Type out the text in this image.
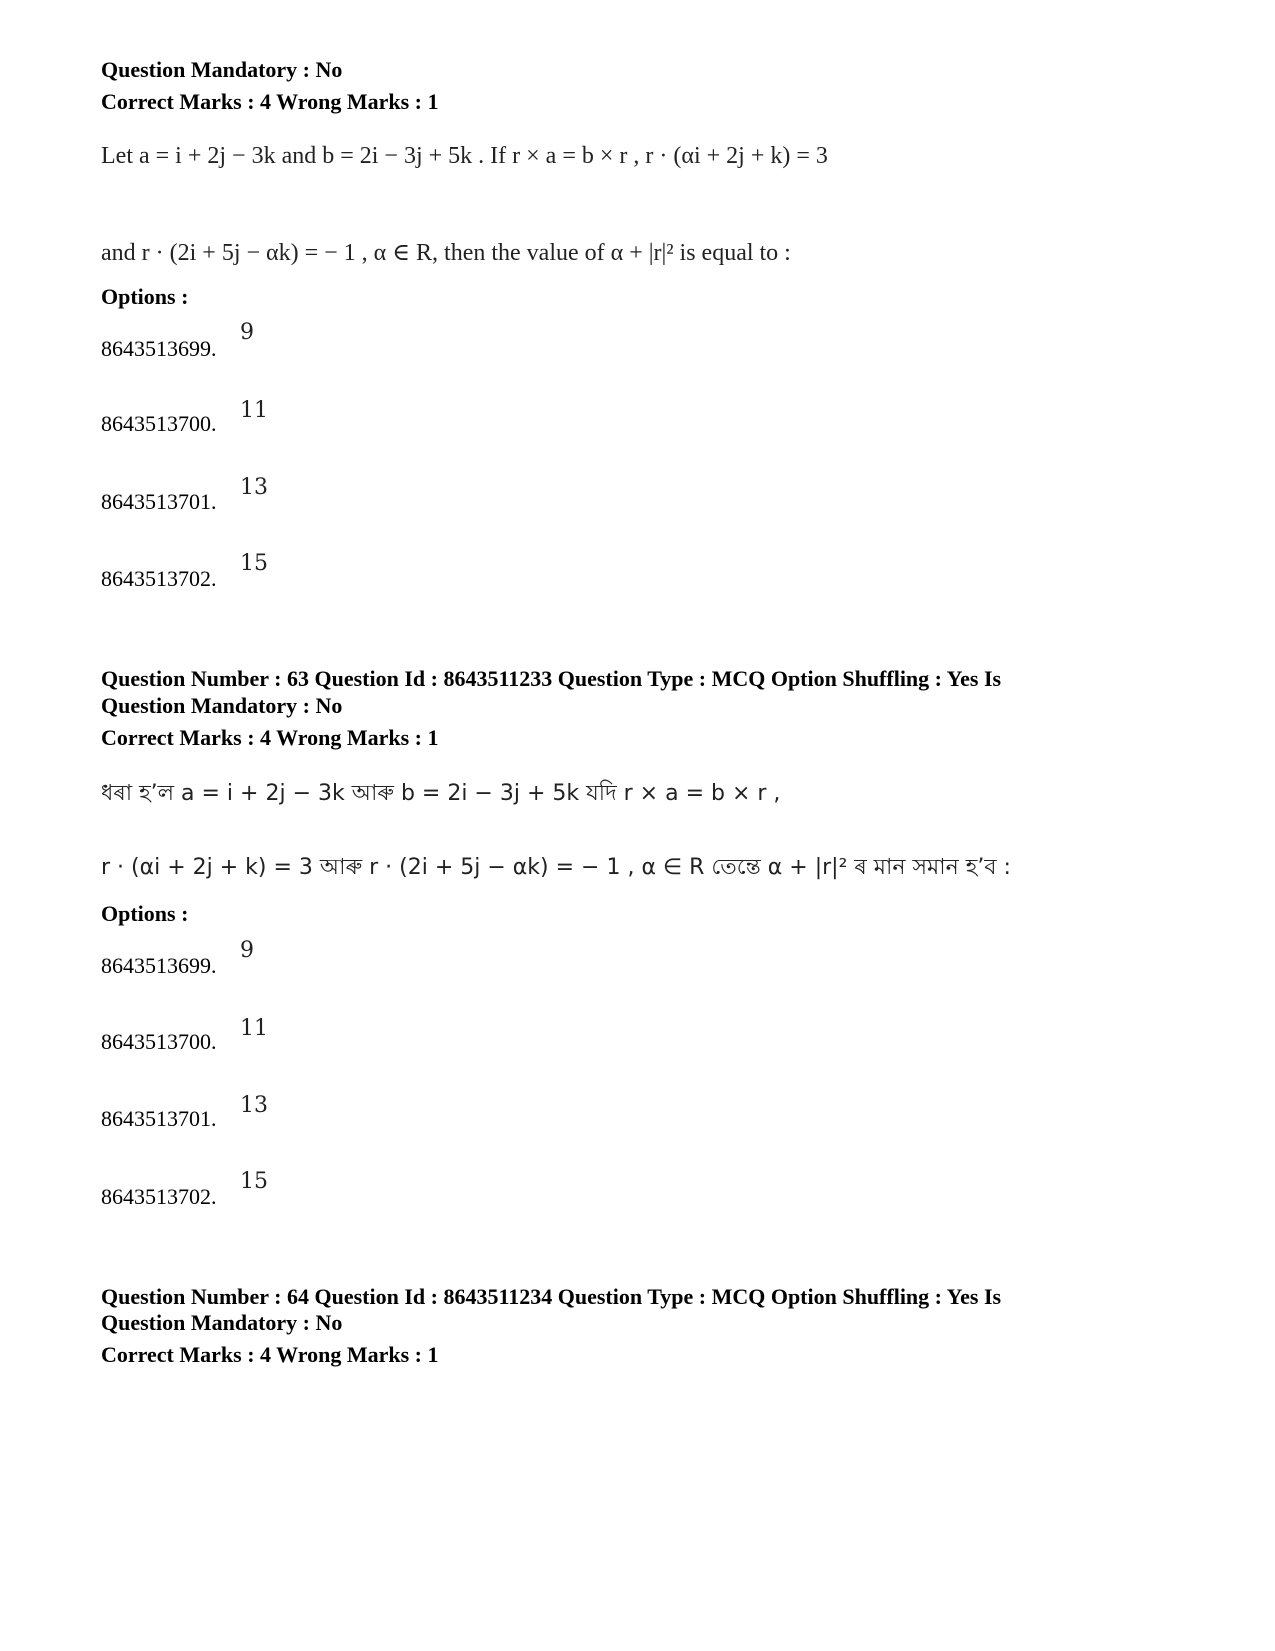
Question Mandatory : No
Correct Marks : 4 Wrong Marks : 1
Let a = i + 2j − 3k and b = 2i − 3j + 5k . If r × a = b × r , r · (αi + 2j + k) = 3
and r · (2i + 5j − αk) = − 1 , α ∈ R, then the value of α + |r|² is equal to :
Options :
8643513699.
9
8643513700.
11
8643513701.
13
8643513702.
15
Question Number : 63 Question Id : 8643511233 Question Type : MCQ Option Shuffling : Yes Is
Question Mandatory : No
Correct Marks : 4 Wrong Marks : 1
ধৰা হ’ল a = i + 2j − 3k আৰু b = 2i − 3j + 5k যদি r × a = b × r ,
r · (αi + 2j + k) = 3 আৰু r · (2i + 5j − αk) = − 1 , α ∈ R তেন্তে α + |r|² ৰ মান সমান হ’ব :
Options :
8643513699.
9
8643513700.
11
8643513701.
13
8643513702.
15
Question Number : 64 Question Id : 8643511234 Question Type : MCQ Option Shuffling : Yes Is
Question Mandatory : No
Correct Marks : 4 Wrong Marks : 1
